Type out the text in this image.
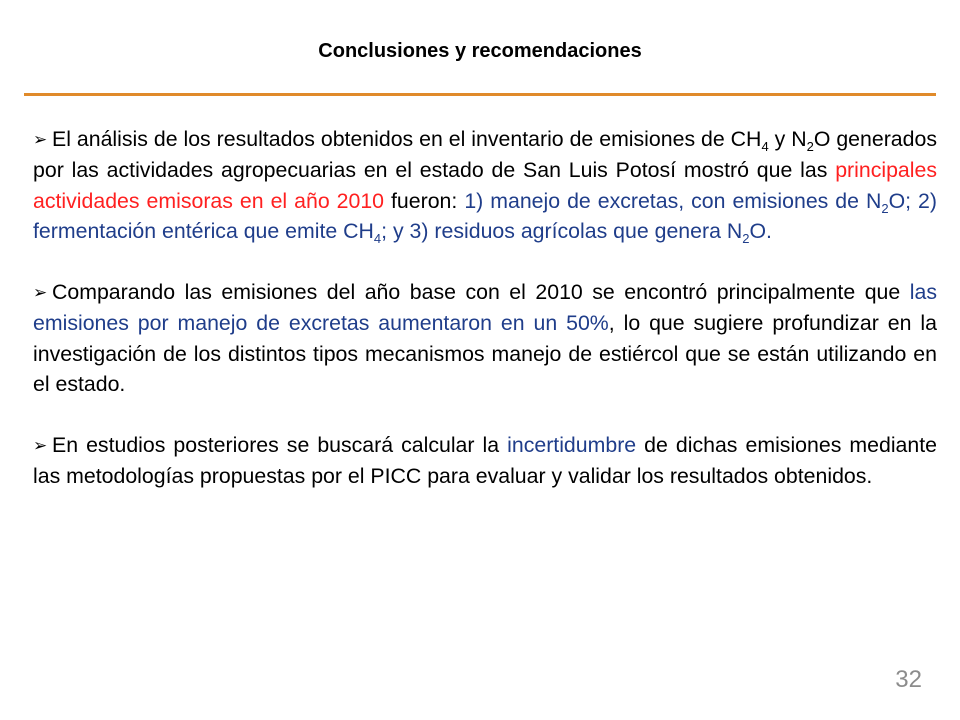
Conclusiones y recomendaciones

➢ El análisis de los resultados obtenidos en el inventario de emisiones de $CH_4$ y $N_2O$ generados por las actividades agropecuarias en el estado de San Luis Potosí mostró que las principales actividades emisoras en el año 2010 fueron: 1) manejo de excretas, con emisiones de $N_2O$; 2) fermentación entérica que emite $CH_4$; y 3) residuos agrícolas que genera $N_2O$.

➢ Comparando las emisiones del año base con el 2010 se encontró principalmente que las emisiones por manejo de excretas aumentaron en un 50%, lo que sugiere profundizar en la investigación de los distintos tipos mecanismos manejo de estiércol que se están utilizando en el estado.

➢ En estudios posteriores se buscará calcular la incertidumbre de dichas emisiones mediante las metodologías propuestas por el PICC para evaluar y validar los resultados obtenidos.

32
